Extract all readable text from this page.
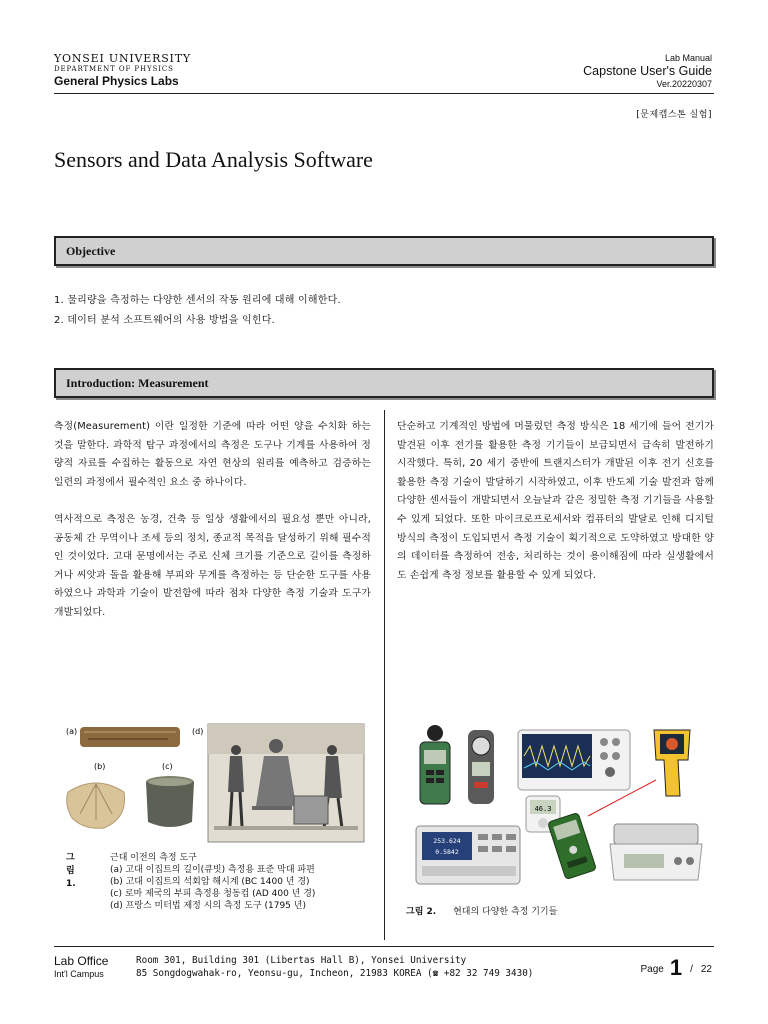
YONSEI UNIVERSITY
DEPARTMENT OF PHYSICS
General Physics Labs
Lab Manual
Capstone User's Guide
Ver.20220307
[문제캡스톤 실험]
Sensors and Data Analysis Software
Objective
1. 물리량을 측정하는 다양한 센서의 작동 원리에 대해 이해한다.
2. 데이터 분석 소프트웨어의 사용 방법을 익힌다.
Introduction: Measurement

측정(Measurement) 이란 일정한 기준에 따라 어떤 양을 수치화 하는 것을 말한다. 과학적 탐구 과정에서의 측정은 도구나 기계를 사용하여 정량적 자료를 수집하는 활동으로 자연 현상의 원리를 예측하고 검증하는 일련의 과정에서 필수적인 요소 중 하나이다.

역사적으로 측정은 농경, 건축 등 일상 생활에서의 필요성 뿐만 아니라, 공동체 간 무역이나 조세 등의 정치, 종교적 목적을 달성하기 위해 필수적인 것이었다. 고대 문명에서는 주로 신체 크기를 기준으로 길이를 측정하거나 씨앗과 돌을 활용해 부피와 무게를 측정하는 등 단순한 도구를 사용하였으나 과학과 기술이 발전함에 따라 점차 다양한 측정 기술과 도구가 개발되었다.

단순하고 기계적인 방법에 머물렀던 측정 방식은 18 세기에 들어 전기가 발견된 이후 전기를 활용한 측정 기기들이 보급되면서 급속히 발전하기 시작했다. 특히, 20 세기 중반에 트랜지스터가 개발된 이후 전기 신호를 활용한 측정 기술이 발달하기 시작하였고, 이후 반도체 기술 발전과 함께 다양한 센서들이 개발되면서 오늘날과 같은 정밀한 측정 기기들을 사용할 수 있게 되었다. 또한 마이크로프로세서와 컴퓨터의 발달로 인해 디지털 방식의 측정이 도입되면서 측정 기술이 획기적으로 도약하였고 방대한 양의 데이터를 측정하여 전송, 처리하는 것이 용이해짐에 따라 실생활에서도 손쉽게 측정 정보를 활용할 수 있게 되었다.

(a)
(b)	(c)
(d)
그림 1.
근대 이전의 측정 도구
(a) 고대 이집트의 길이(큐빗) 측정용 표준 막대 파편
(b) 고대 이집트의 석회암 해시계 (BC 1400 년 경)
(c) 로마 제국의 부피 측정용 청동컵 (AD 400 년 경)
(d) 프랑스 미터법 제정 시의 측정 도구 (1795 년)
46.3
253.624
0.5842
그림 2. 현대의 다양한 측정 기기들
Lab Office
Int'l Campus
Room 301, Building 301 (Libertas Hall B), Yonsei University
85 Songdogwahak-ro, Yeonsu-gu, Incheon, 21983 KOREA (☎ +82 32 749 3430)	Page 1 / 22
